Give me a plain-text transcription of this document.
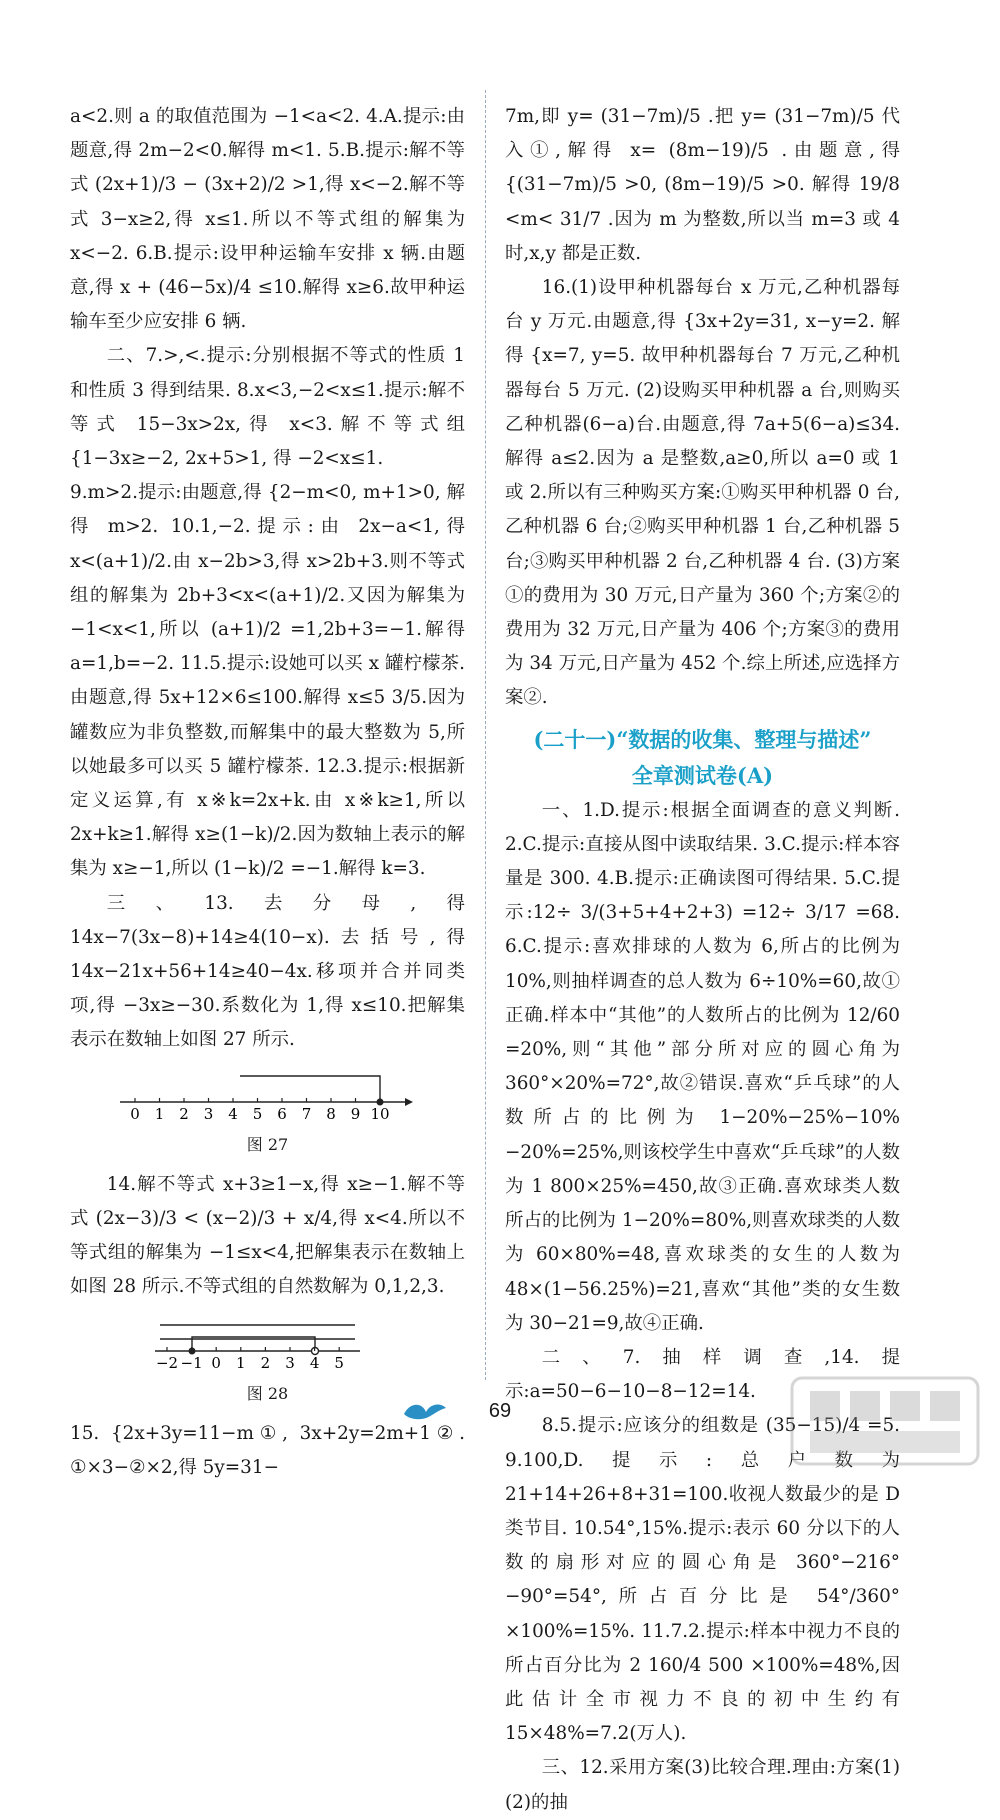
a<2.则 a 的取值范围为 −1<a<2. 4.A.提示:由题意,得 2m−2<0.解得 m<1. 5.B.提示:解不等式 (2x+1)/3 − (3x+2)/2 >1,得 x<−2.解不等式 3−x≥2,得 x≤1.所以不等式组的解集为 x<−2. 6.B.提示:设甲种运输车安排 x 辆.由题意,得 x + (46−5x)/4 ≤10.解得 x≥6.故甲种运输车至少应安排 6 辆.

二、7.>,<.提示:分别根据不等式的性质 1 和性质 3 得到结果. 8.x<3,−2<x≤1.提示:解不等式 15−3x>2x,得 x<3.解不等式组 {1−3x≥−2, 2x+5>1, 得 −2<x≤1.

9.m>2.提示:由题意,得 {2−m<0, m+1>0, 解得 m>2. 10.1,−2.提示:由 2x−a<1,得 x<(a+1)/2.由 x−2b>3,得 x>2b+3.则不等式组的解集为 2b+3<x<(a+1)/2.又因为解集为 −1<x<1,所以 (a+1)/2 =1,2b+3=−1.解得 a=1,b=−2. 11.5.提示:设她可以买 x 罐柠檬茶.由题意,得 5x+12×6≤100.解得 x≤5 3/5.因为罐数应为非负整数,而解集中的最大整数为 5,所以她最多可以买 5 罐柠檬茶. 12.3.提示:根据新定义运算,有 x※k=2x+k.由 x※k≥1,所以 2x+k≥1.解得 x≥(1−k)/2.因为数轴上表示的解集为 x≥−1,所以 (1−k)/2 =−1.解得 k=3.

三、13.去分母,得 14x−7(3x−8)+14≥4(10−x).去括号,得 14x−21x+56+14≥40−4x.移项并合并同类项,得 −3x≥−30.系数化为 1,得 x≤10.把解集表示在数轴上如图 27 所示.

0 1 2 3 4 5 6 7 8 9 10
图 27

14.解不等式 x+3≥1−x,得 x≥−1.解不等式 (2x−3)/3 < (x−2)/3 + x/4,得 x<4.所以不等式组的解集为 −1≤x<4,把解集表示在数轴上如图 28 所示.不等式组的自然数解为 0,1,2,3.

−2 −1 0 1 2 3 4 5
图 28

15. {2x+3y=11−m①, 3x+2y=2m+1②. ①×3−②×2,得 5y=31−

7m,即 y= (31−7m)/5 .把 y= (31−7m)/5 代入①,解得 x= (8m−19)/5 .由题意,得 {(31−7m)/5 >0, (8m−19)/5 >0. 解得 19/8 <m< 31/7 .因为 m 为整数,所以当 m=3 或 4 时,x,y 都是正数.

16.(1)设甲种机器每台 x 万元,乙种机器每台 y 万元.由题意,得 {3x+2y=31, x−y=2. 解得 {x=7, y=5. 故甲种机器每台 7 万元,乙种机器每台 5 万元. (2)设购买甲种机器 a 台,则购买乙种机器(6−a)台.由题意,得 7a+5(6−a)≤34.解得 a≤2.因为 a 是整数,a≥0,所以 a=0 或 1 或 2.所以有三种购买方案:①购买甲种机器 0 台,乙种机器 6 台;②购买甲种机器 1 台,乙种机器 5 台;③购买甲种机器 2 台,乙种机器 4 台. (3)方案①的费用为 30 万元,日产量为 360 个;方案②的费用为 32 万元,日产量为 406 个;方案③的费用为 34 万元,日产量为 452 个.综上所述,应选择方案②.

(二十一)“数据的收集、整理与描述”
全章测试卷(A)

一、1.D.提示:根据全面调查的意义判断. 2.C.提示:直接从图中读取结果. 3.C.提示:样本容量是 300. 4.B.提示:正确读图可得结果. 5.C.提示:12÷ 3/(3+5+4+2+3) =12÷ 3/17 =68. 6.C.提示:喜欢排球的人数为 6,所占的比例为 10%,则抽样调查的总人数为 6÷10%=60,故①正确.样本中“其他”的人数所占的比例为 12/60 =20%,则“其他”部分所对应的圆心角为 360°×20%=72°,故②错误.喜欢“乒乓球”的人数所占的比例为 1−20%−25%−10%−20%=25%,则该校学生中喜欢“乒乓球”的人数为 1 800×25%=450,故③正确.喜欢球类人数所占的比例为 1−20%=80%,则喜欢球类的人数为 60×80%=48,喜欢球类的女生的人数为 48×(1−56.25%)=21,喜欢“其他”类的女生数为 30−21=9,故④正确.

二、7.抽样调查,14.提示:a=50−6−10−8−12=14.

8.5.提示:应该分的组数是 (35−15)/4 =5. 9.100,D.提示:总户数为 21+14+26+8+31=100.收视人数最少的是 D 类节目. 10.54°,15%.提示:表示 60 分以下的人数的扇形对应的圆心角是 360°−216°−90°=54°,所占百分比是 54°/360° ×100%=15%. 11.7.2.提示:样本中视力不良的所占百分比为 2 160/4 500 ×100%=48%,因此估计全市视力不良的初中生约有 15×48%=7.2(万人).

三、12.采用方案(3)比较合理.理由:方案(1)(2)的抽

69
